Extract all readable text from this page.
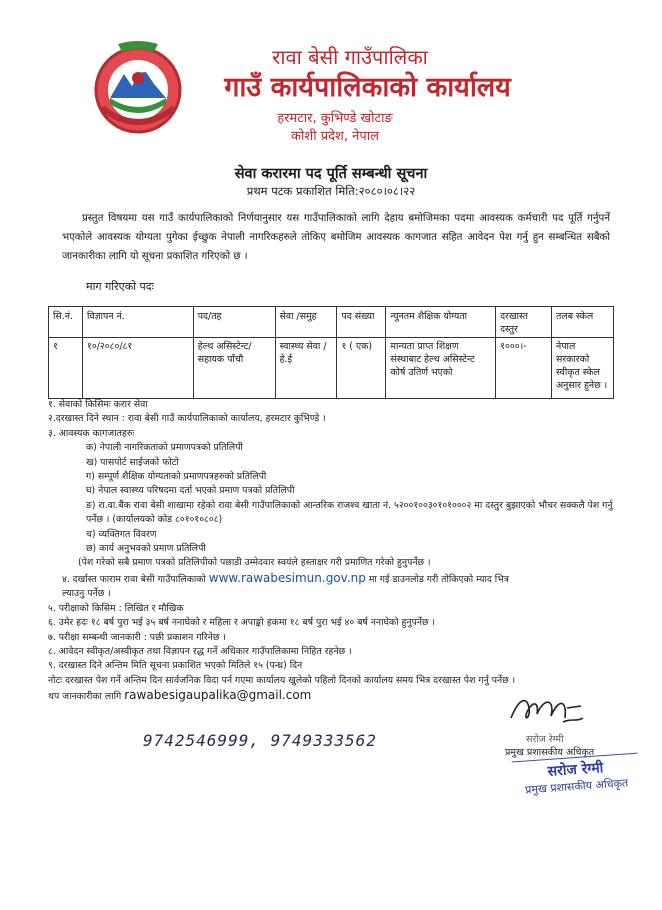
रावा बेसी गाउँपालिका
गाउँ कार्यपालिकाको कार्यालय
हरमटार, कुभिण्डे खोटाङ
कोशी प्रदेश, नेपाल
सेवा करारमा पद पूर्ति सम्बन्धी सूचना
प्रथम पटक प्रकाशित मिति:२०८०।०८।२२
प्रस्तुत विषयमा यस गाउँ कार्यपालिकाको निर्णयानुसार यस गाउँपालिकाको लागि देहाय बमोजिमका पदमा आवस्यक कर्मचारी पद पूर्ति गर्नुपर्ने भएकोले आवस्यक योग्यता पुगेका ईच्छुक नेपाली नागरिकहरुले तोकिए बमोजिम आवस्यक कागजात सहित आवेदन पेश गर्नु हुन सम्बन्धित सबैको जानकारीका लागि यो सूचना प्रकाशित गरिएको छ ।
माग गरिएको पदः
सि.नं.	विज्ञापन नं.	पद/तह	सेवा /समुह	पद संख्या	न्युनतम शैक्षिक योग्यता	दरखास्त दस्तुर	तलब स्केल
१	१०/२०८०/८१	हेल्थ असिस्टेन्ट/सहायक पाँचौ	स्वास्थ्य सेवा /हे.ई	१ ( एक)	मान्यता प्राप्त शिक्षण संस्थाबाट हेल्थ असिस्टेन्ट कोर्ष उतिर्ण भएको	१०००।-	नेपाल सरकारको स्वीकृत स्केल अनुसार हुनेछ ।
१. सेवाको किसिमः करार सेवा
२.दरखास्त दिने स्थान : रावा बेसी गाउँ कार्यपालिकाको कार्यालय, हरमटार कुभिण्डे ।
३. आवस्यक कागजातहरुः
क) नेपाली नागरिकताको प्रमाणपत्रको प्रतिलिपी
ख) पासपोर्ट साईजको फोटो
ग) सम्पूर्ण शैक्षिक योग्यताको प्रमाणपत्रहरुको प्रतिलिपी
घ) नेपाल स्वास्थ्य परिषदमा दर्ता भएको प्रमाण पत्रको प्रतिलिपी
ङ) रा.वा.बैंक रावा बेसी शाखामा रहेको रावा बेसी गाउँपालिकाको आन्तरिक राजश्व खाता नं. ५२००१००३०१०१०००२ मा दस्तुर बुझाएको भौचर सक्कलै पेश गर्नु पर्नेछ । (कार्यालयको कोड ८०१०१०८०८)
च) व्यक्तिगत विवरण
छ) कार्य अनुभवको प्रमाण प्रतिलिपी
(पेश गरेको सबै प्रमाण पत्रको प्रतिलिपीको पछाडी उम्मेदवार स्वयंले हस्ताक्षर गरी प्रमाणित गरेको हुनुपर्नेछ ।
४. दर्खास्त फाराम रावा बेसी गाउँपालिकाको www.rawabesimun.gov.np मा गई डाउनलोड गरी तोकिएको म्याद भित्र
ल्याउनु पर्नेछ ।
५. परीक्षाको किसिम : लिखित र मौखिक
६. उमेर हदः १८ बर्ष पुरा भई ३५ बर्ष ननाघेको र महिला र अपाङ्को हकमा १८ बर्ष पुरा भई ४० बर्ष ननाघेको हुनुपर्नेछ ।
७. परीक्षा सम्बन्धी जानकारी : पछी प्रकाशन गरिनेछ ।
८. आवेदन स्वीकृत/अस्वीकृत तथा विज्ञापन रद्ध गर्ने अधिकार गाउँपालिकामा निहित रहनेछ ।
९. दरखास्त दिने अन्तिम मिति सूचना प्रकाशित भएको मितिले १५ (पन्ध्र) दिन
नोटः दरखास्त पेश गर्ने अन्तिम दिन सार्वजनिक विदा पर्न गएमा कार्यालय खुलेको पहिलो दिनको कार्यालय समय भित्र दरखास्त पेश गर्नु पर्नेछ ।
थप जानकारीका लागि rawabesigaupalika@gmail.com
9742546999, 9749333562	सरोज रेग्मी
प्रमुख प्रशासकीय अधिकृत
सरोज रेग्मी
प्रमुख प्रशासकीय अधिकृत
